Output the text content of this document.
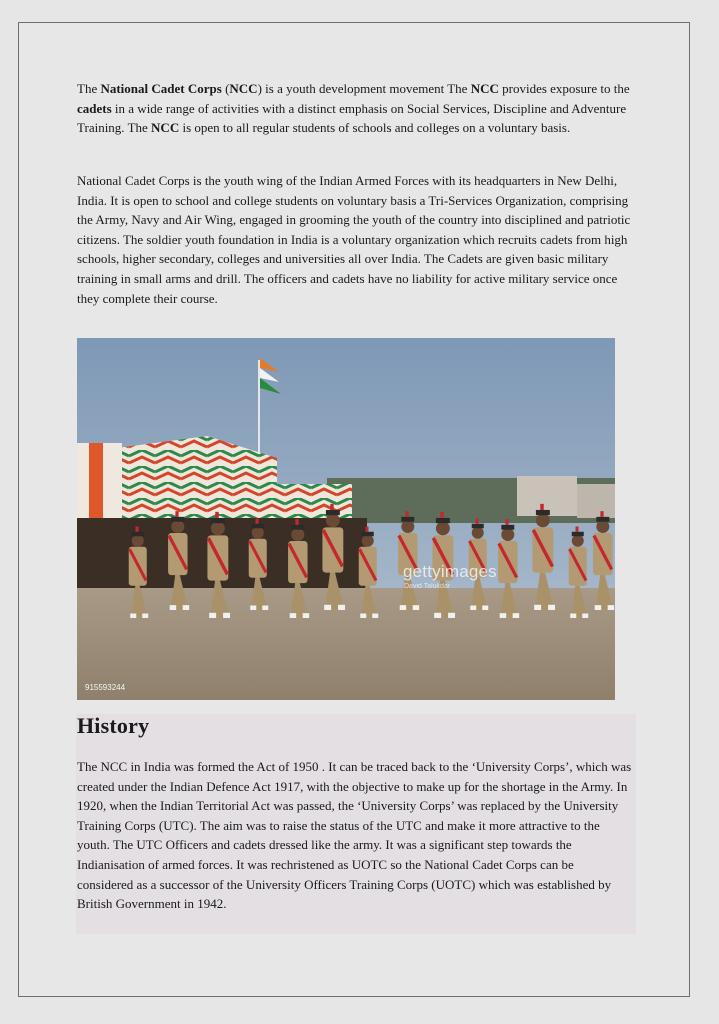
The National Cadet Corps (NCC) is a youth development movement The NCC provides exposure to the cadets in a wide range of activities with a distinct emphasis on Social Services, Discipline and Adventure Training. The NCC is open to all regular students of schools and colleges on a voluntary basis.

National Cadet Corps is the youth wing of the Indian Armed Forces with its headquarters in New Delhi, India. It is open to school and college students on voluntary basis a Tri-Services Organization, comprising the Army, Navy and Air Wing, engaged in grooming the youth of the country into disciplined and patriotic citizens. The soldier youth foundation in India is a voluntary organization which recruits cadets from high schools, higher secondary, colleges and universities all over India. The Cadets are given basic military training in small arms and drill. The officers and cadets have no liability for active military service once they complete their course.

gettyimages
David Talukdar
915593244
History

The NCC in India was formed the Act of 1950 . It can be traced back to the ‘University Corps’, which was created under the Indian Defence Act 1917, with the objective to make up for the shortage in the Army. In 1920, when the Indian Territorial Act was passed, the ‘University Corps’ was replaced by the University Training Corps (UTC). The aim was to raise the status of the UTC and make it more attractive to the youth. The UTC Officers and cadets dressed like the army. It was a significant step towards the Indianisation of armed forces. It was rechristened as UOTC so the National Cadet Corps can be considered as a successor of the University Officers Training Corps (UOTC) which was established by British Government in 1942.
